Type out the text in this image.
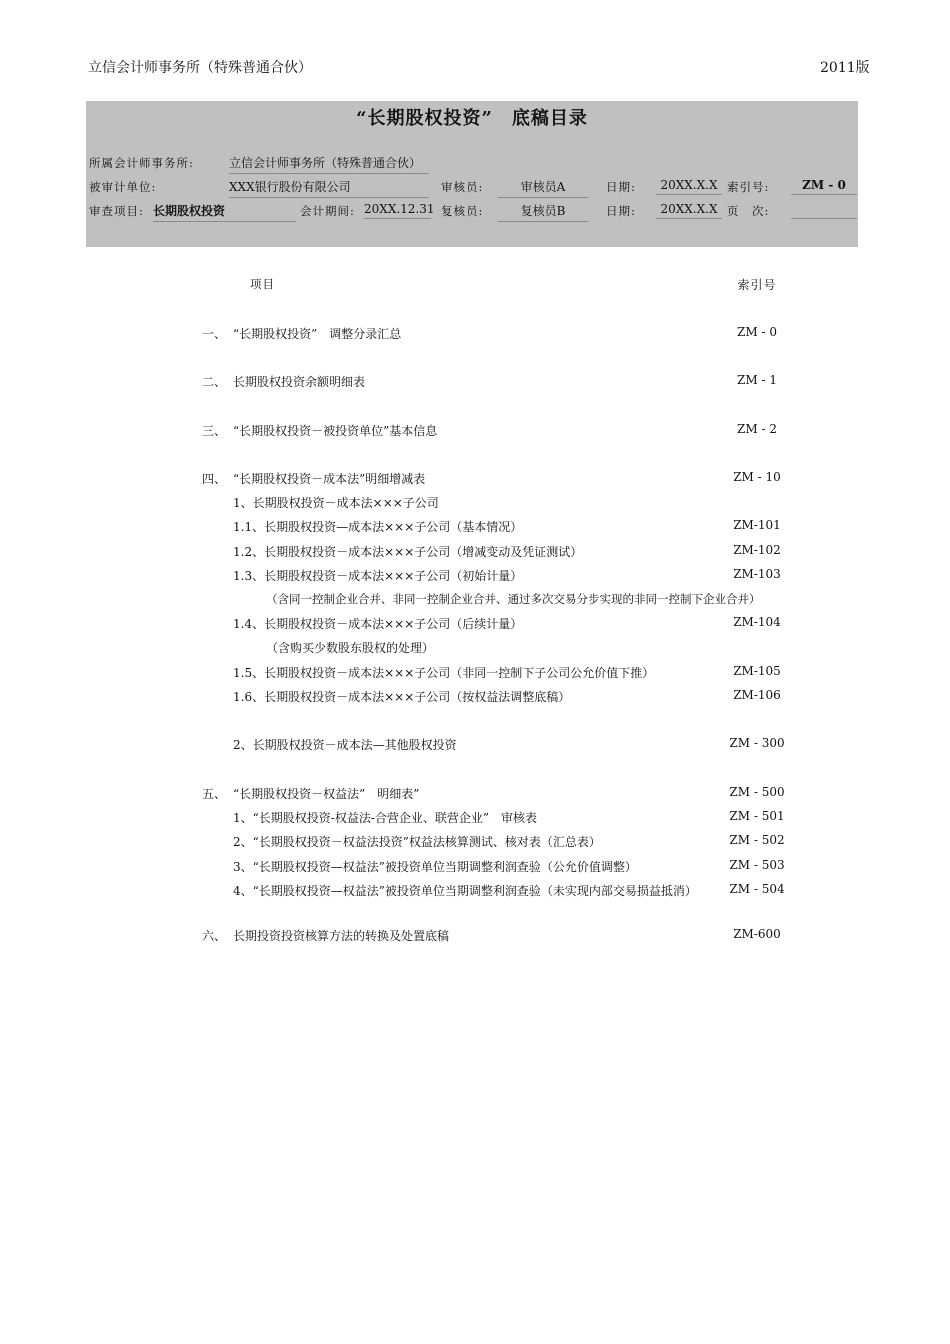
立信会计师事务所（特殊普通合伙）	2011版
“长期股权投资”　底稿目录
所属会计师事务所:	立信会计师事务所（特殊普通合伙）
被审计单位:	XXX银行股份有限公司	审核员:	审核员A	日期:	20XX.X.X 索引号:	ZM - 0
审查项目: 长期股权投资	会计期间: 20XX.12.31 复核员:	复核员B	日期:	20XX.X.X 页　次:
项目	索引号
一、 “长期股权投资”　调整分录汇总	ZM - 0
二、 长期股权投资余额明细表	ZM - 1
三、 “长期股权投资－被投资单位”基本信息	ZM - 2
四、 “长期股权投资－成本法”明细增减表	ZM - 10
1、长期股权投资－成本法×××子公司
1.1、长期股权投资—成本法×××子公司（基本情况）	ZM-101
1.2、长期股权投资－成本法×××子公司（增减变动及凭证测试）	ZM-102
1.3、长期股权投资－成本法×××子公司（初始计量）	ZM-103
（含同一控制企业合并、非同一控制企业合并、通过多次交易分步实现的非同一控制下企业合并）
1.4、长期股权投资－成本法×××子公司（后续计量）	ZM-104
（含购买少数股东股权的处理）
1.5、长期股权投资－成本法×××子公司（非同一控制下子公司公允价值下推）	ZM-105
1.6、长期股权投资－成本法×××子公司（按权益法调整底稿）	ZM-106
2、长期股权投资－成本法—其他股权投资	ZM - 300
五、 “长期股权投资－权益法”　明细表”	ZM - 500
1、“长期股权投资-权益法-合营企业、联营企业”　审核表	ZM - 501
2、“长期股权投资－权益法投资”权益法核算测试、核对表（汇总表）	ZM - 502
3、“长期股权投资—权益法”被投资单位当期调整利润查验（公允价值调整）	ZM - 503
4、“长期股权投资—权益法”被投资单位当期调整利润查验（未实现内部交易损益抵消）	ZM - 504
六、 长期投资投资核算方法的转换及处置底稿	ZM-600
